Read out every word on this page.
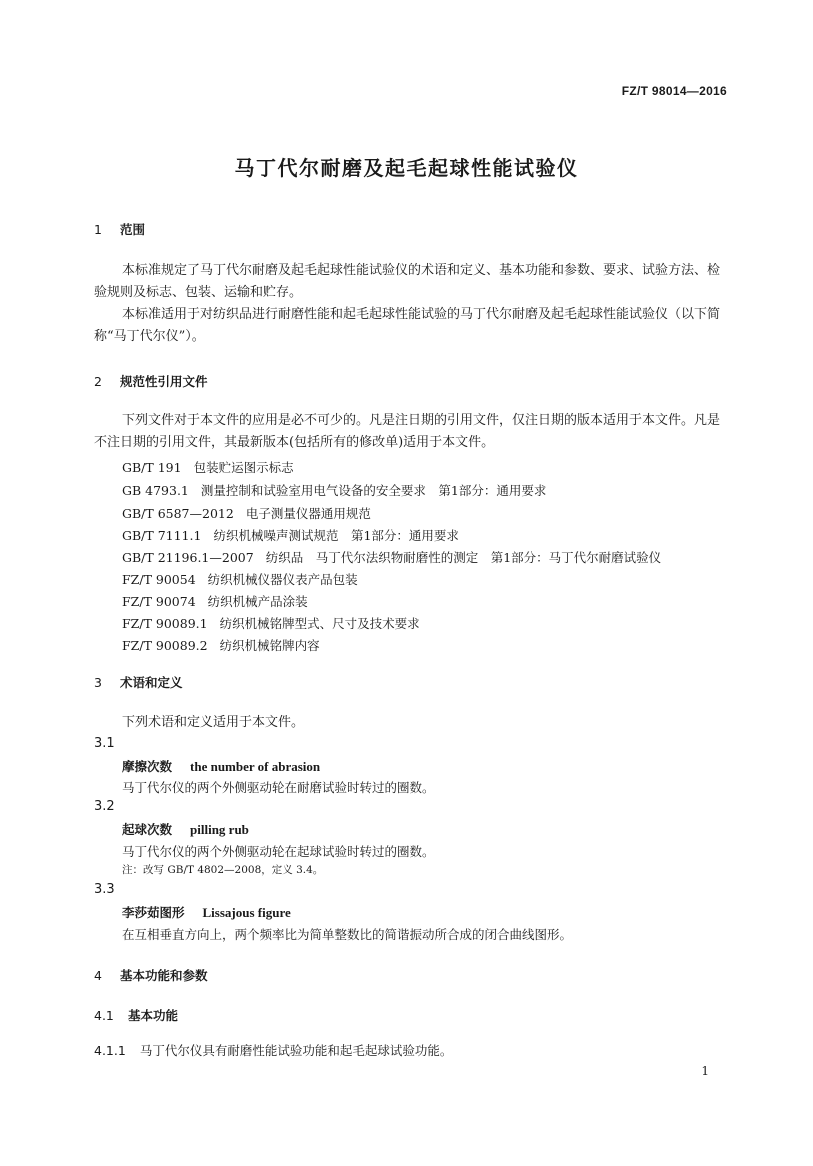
FZ/T 98014—2016
马丁代尔耐磨及起毛起球性能试验仪
1 范围
本标准规定了马丁代尔耐磨及起毛起球性能试验仪的术语和定义、基本功能和参数、要求、试验方法、检验规则及标志、包装、运输和贮存。
本标准适用于对纺织品进行耐磨性能和起毛起球性能试验的马丁代尔耐磨及起毛起球性能试验仪（以下简称“马丁代尔仪”）。
2 规范性引用文件
下列文件对于本文件的应用是必不可少的。凡是注日期的引用文件，仅注日期的版本适用于本文件。凡是不注日期的引用文件，其最新版本(包括所有的修改单)适用于本文件。
GB/T 191 包装贮运图示标志
GB 4793.1 测量控制和试验室用电气设备的安全要求　第1部分：通用要求
GB/T 6587—2012 电子测量仪器通用规范
GB/T 7111.1 纺织机械噪声测试规范　第1部分：通用要求
GB/T 21196.1—2007 纺织品　马丁代尔法织物耐磨性的测定　第1部分：马丁代尔耐磨试验仪
FZ/T 90054 纺织机械仪器仪表产品包装
FZ/T 90074 纺织机械产品涂装
FZ/T 90089.1 纺织机械铭牌型式、尺寸及技术要求
FZ/T 90089.2 纺织机械铭牌内容
3 术语和定义
下列术语和定义适用于本文件。
3.1
摩擦次数 the number of abrasion
马丁代尔仪的两个外侧驱动轮在耐磨试验时转过的圈数。
3.2
起球次数 pilling rub
马丁代尔仪的两个外侧驱动轮在起球试验时转过的圈数。
注：改写 GB/T 4802—2008，定义 3.4。
3.3
李莎茹图形 Lissajous figure
在互相垂直方向上，两个频率比为简单整数比的简谐振动所合成的闭合曲线图形。
4 基本功能和参数
4.1 基本功能
4.1.1 马丁代尔仪具有耐磨性能试验功能和起毛起球试验功能。
1
